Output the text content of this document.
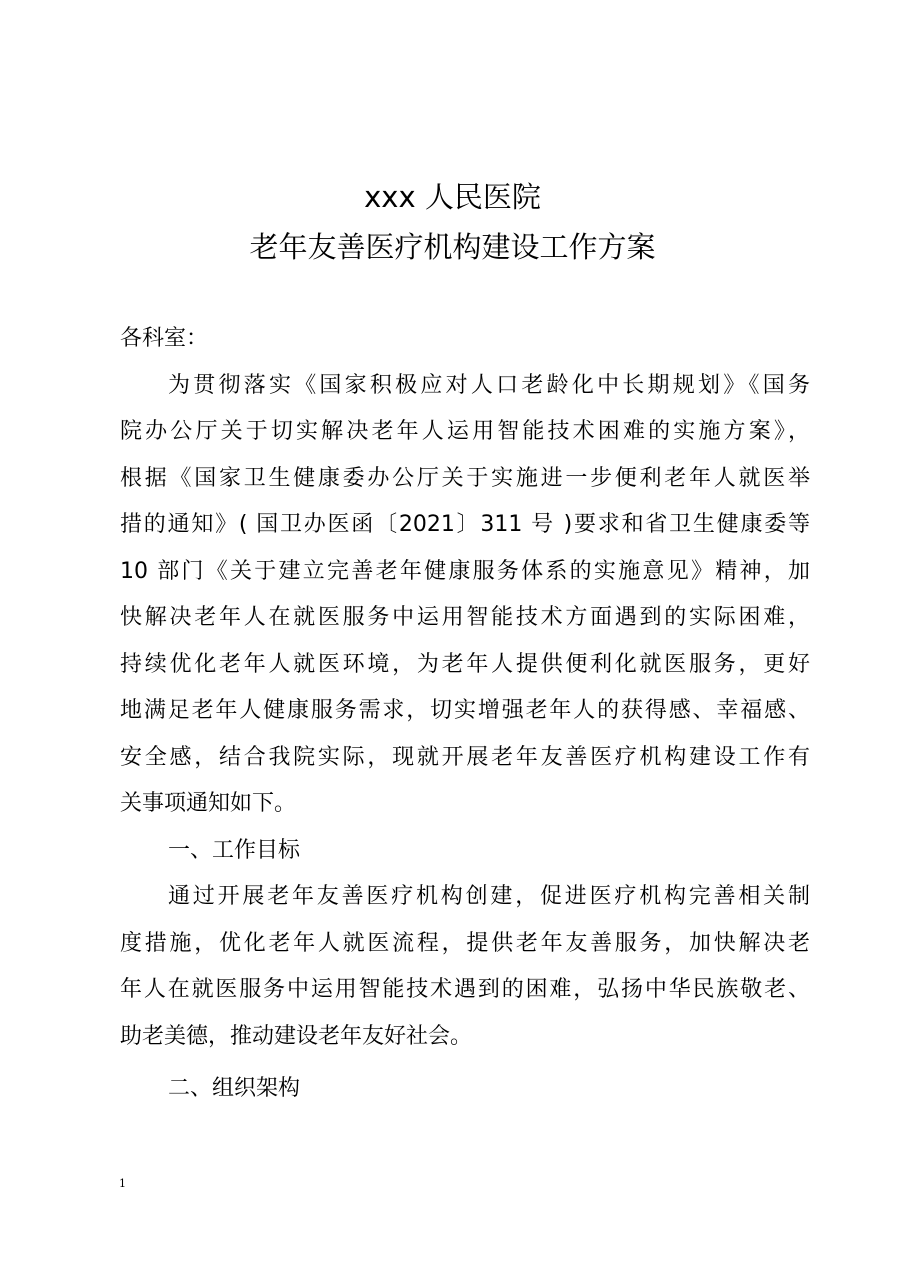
xxx 人民医院
老年友善医疗机构建设工作方案

各科室：

为贯彻落实《国家积极应对人口老龄化中长期规划》《国务
院办公厅关于切实解决老年人运用智能技术困难的实施方案》，
根据《国家卫生健康委办公厅关于实施进一步便利老年人就医举
措的通知》( 国卫办医函〔2021〕311 号 )要求和省卫生健康委等
10 部门《关于建立完善老年健康服务体系的实施意见》精神，加
快解决老年人在就医服务中运用智能技术方面遇到的实际困难，
持续优化老年人就医环境，为老年人提供便利化就医服务，更好
地满足老年人健康服务需求，切实增强老年人的获得感、幸福感、
安全感，结合我院实际，现就开展老年友善医疗机构建设工作有
关事项通知如下。

一、工作目标

通过开展老年友善医疗机构创建，促进医疗机构完善相关制
度措施，优化老年人就医流程，提供老年友善服务，加快解决老
年人在就医服务中运用智能技术遇到的困难，弘扬中华民族敬老、
助老美德，推动建设老年友好社会。

二、组织架构

1
